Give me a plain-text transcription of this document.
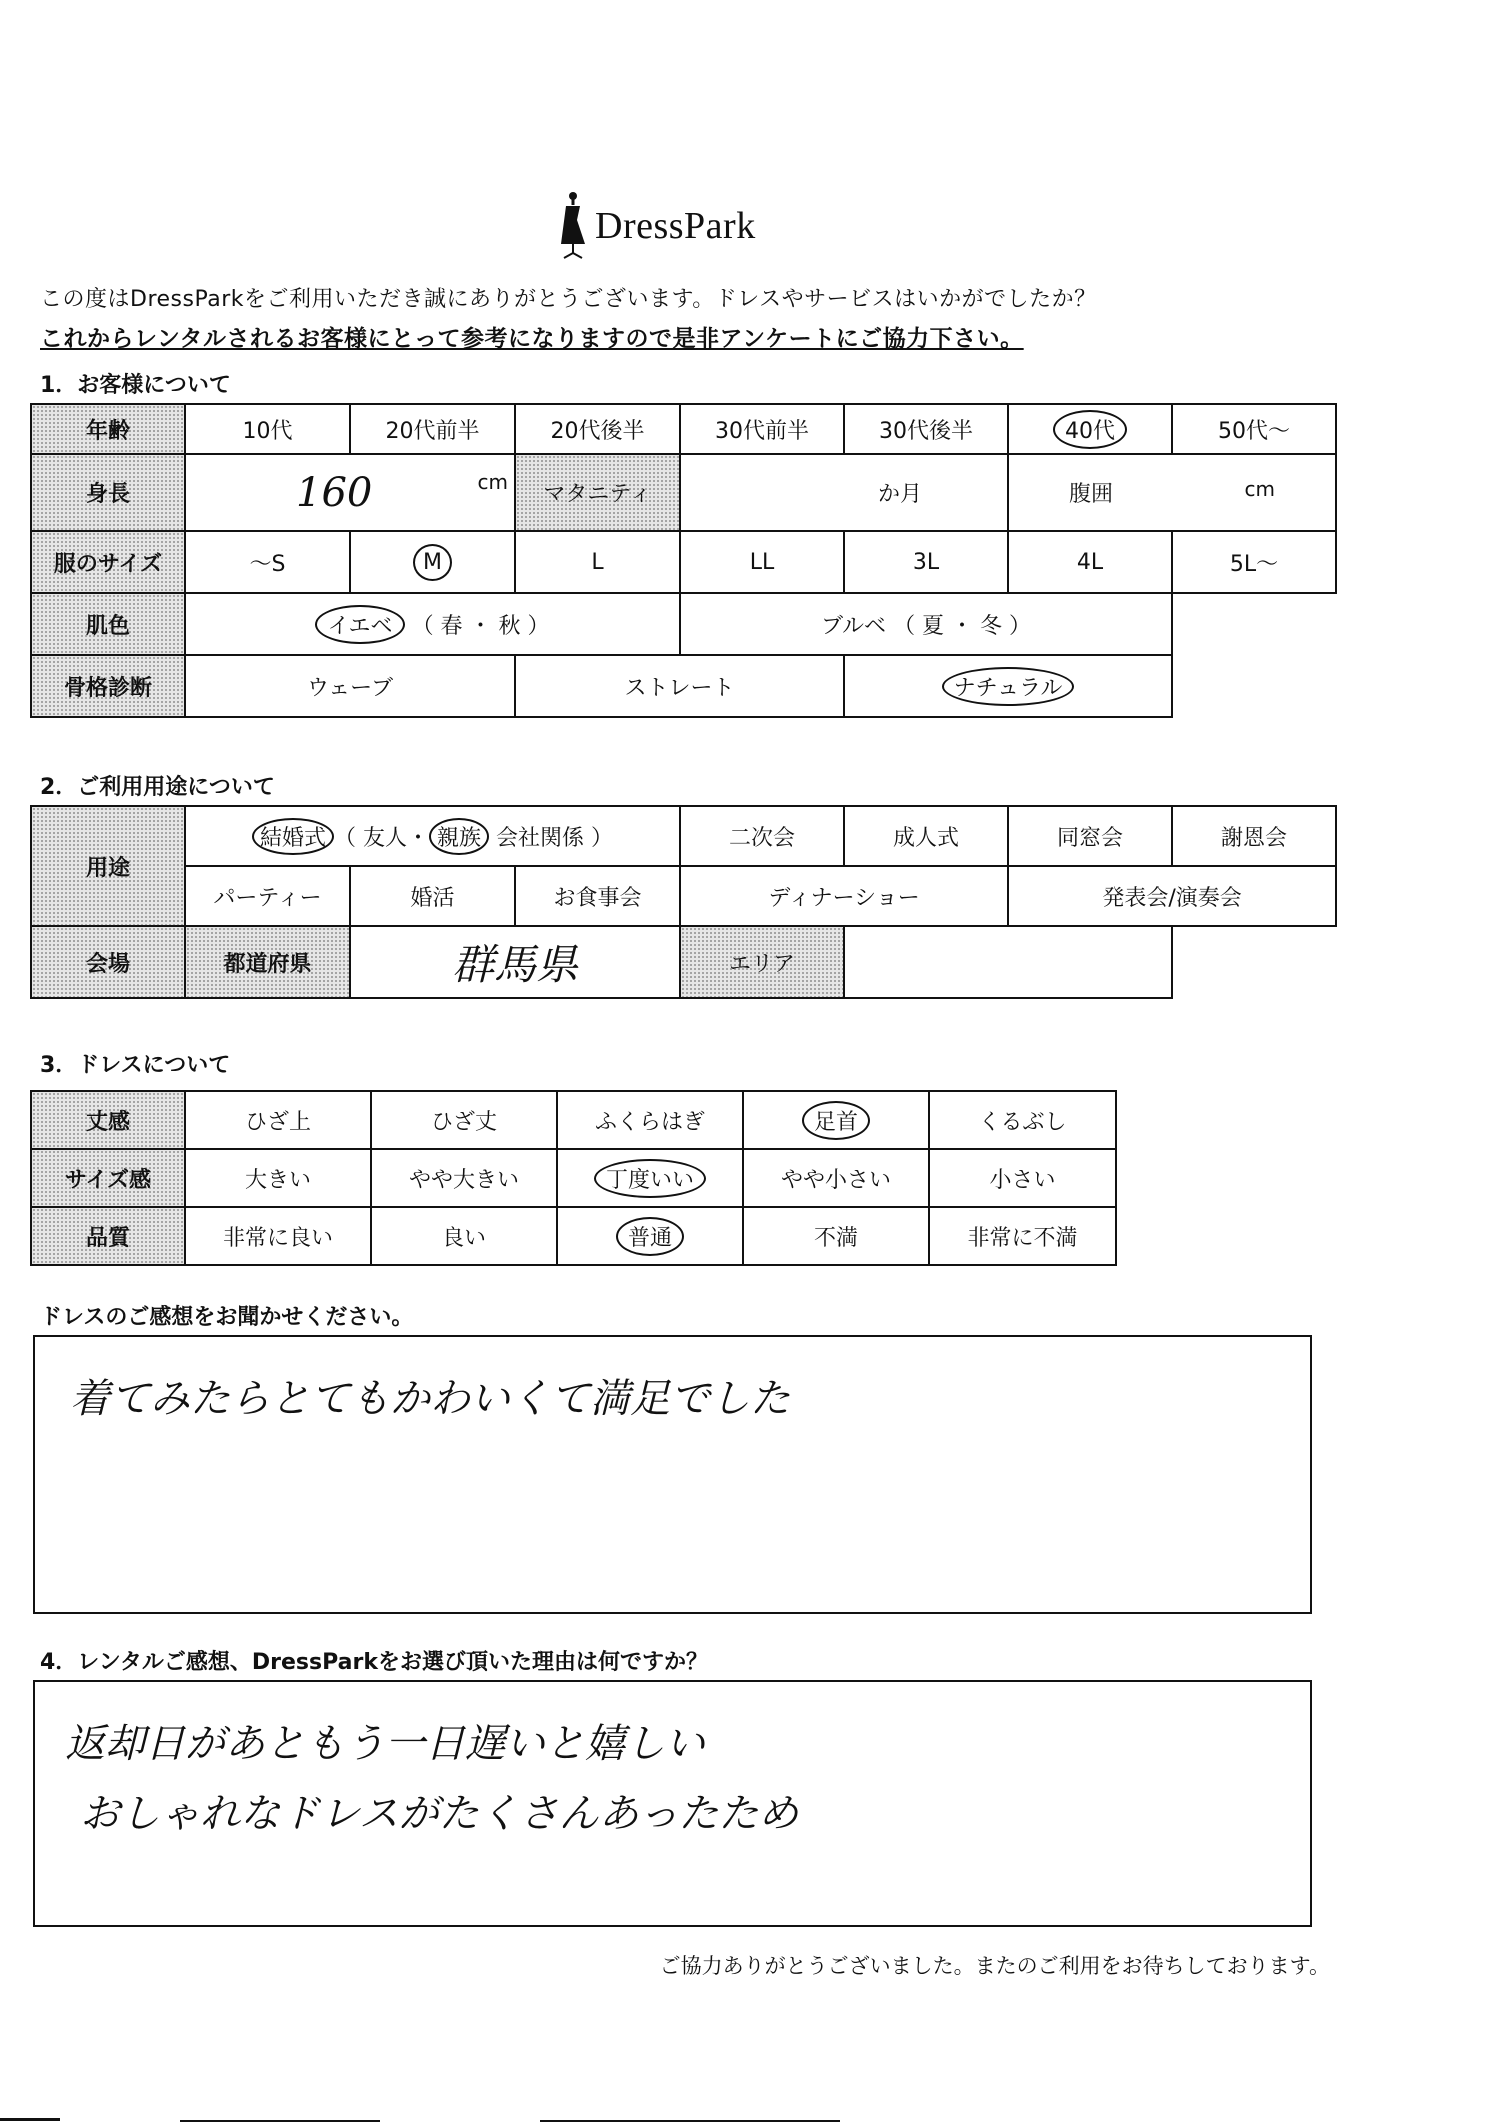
DressPark
この度はDressParkをご利用いただき誠にありがとうございます。ドレスやサービスはいかがでしたか？
これからレンタルされるお客様にとって参考になりますので是非アンケートにご協力下さい。
1．お客様について
年齢	10代	20代前半	20代後半	30代前半	30代後半	40代	50代～
身長	160 cm		マタニティ	か月		腹囲 cm	

服のサイズ	～S	M	L	LL	3L	4L	5L～
肌色	イエベ （ 春 ・ 秋 ）			ブルベ （ 夏 ・ 冬 ）			
骨格診断	ウェーブ		ストレート		ナチュラル		
2．ご利用用途について
用途	結婚式 （ 友人・ 親族 会社関係 ）			二次会	成人式	同窓会	謝恩会
	パーティー	婚活	お食事会	ディナーショー		発表会/演奏会	
会場	都道府県	群馬県		エリア			
3．ドレスについて
丈感	ひざ上	ひざ丈	ふくらはぎ	足首	くるぶし
サイズ感	大きい	やや大きい	丁度いい	やや小さい	小さい
品質	非常に良い	良い	普通	不満	非常に不満
ドレスのご感想をお聞かせください。
着てみたらとてもかわいくて満足でした
4．レンタルご感想、DressParkをお選び頂いた理由は何ですか？
返却日があともう一日遅いと嬉しい
おしゃれなドレスがたくさんあったため
ご協力ありがとうございました。またのご利用をお待ちしております。
